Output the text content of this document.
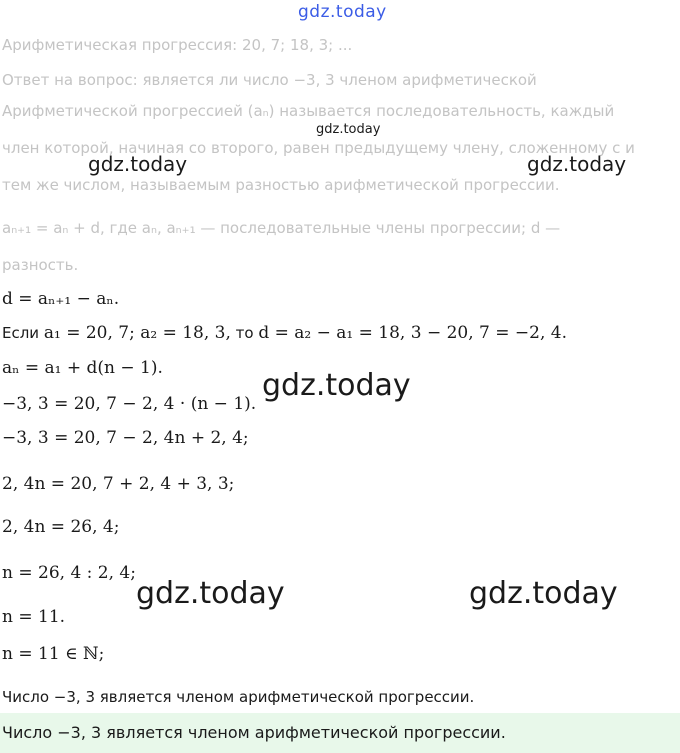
gdz.today
Арифметическая прогрессия: 20, 7; 18, 3; ...
Ответ на вопрос: является ли число −3, 3 членом арифметической
Арифметической прогрессией (aₙ) называется последовательность, каждый
gdz.today
член которой, начиная со второго, равен предыдущему члену, сложенному с и
тем же числом, называемым разностью арифметической прогрессии.
gdz.today	gdz.today
aₙ₊₁ = aₙ + d, где aₙ, aₙ₊₁ — последовательные члены прогрессии; d —
разность.
d = aₙ₊₁ − aₙ.
Если a₁ = 20, 7; a₂ = 18, 3, то d = a₂ − a₁ = 18, 3 − 20, 7 = −2, 4.
aₙ = a₁ + d(n − 1).	gdz.today
−3, 3 = 20, 7 − 2, 4 · (n − 1).
−3, 3 = 20, 7 − 2, 4n + 2, 4;
2, 4n = 20, 7 + 2, 4 + 3, 3;
2, 4n = 26, 4;
n = 26, 4 : 2, 4;
gdz.today	gdz.today
n = 11.
n = 11 ∈ ℕ;
Число −3, 3 является членом арифметической прогрессии.
Число −3, 3 является членом арифметической прогрессии.
